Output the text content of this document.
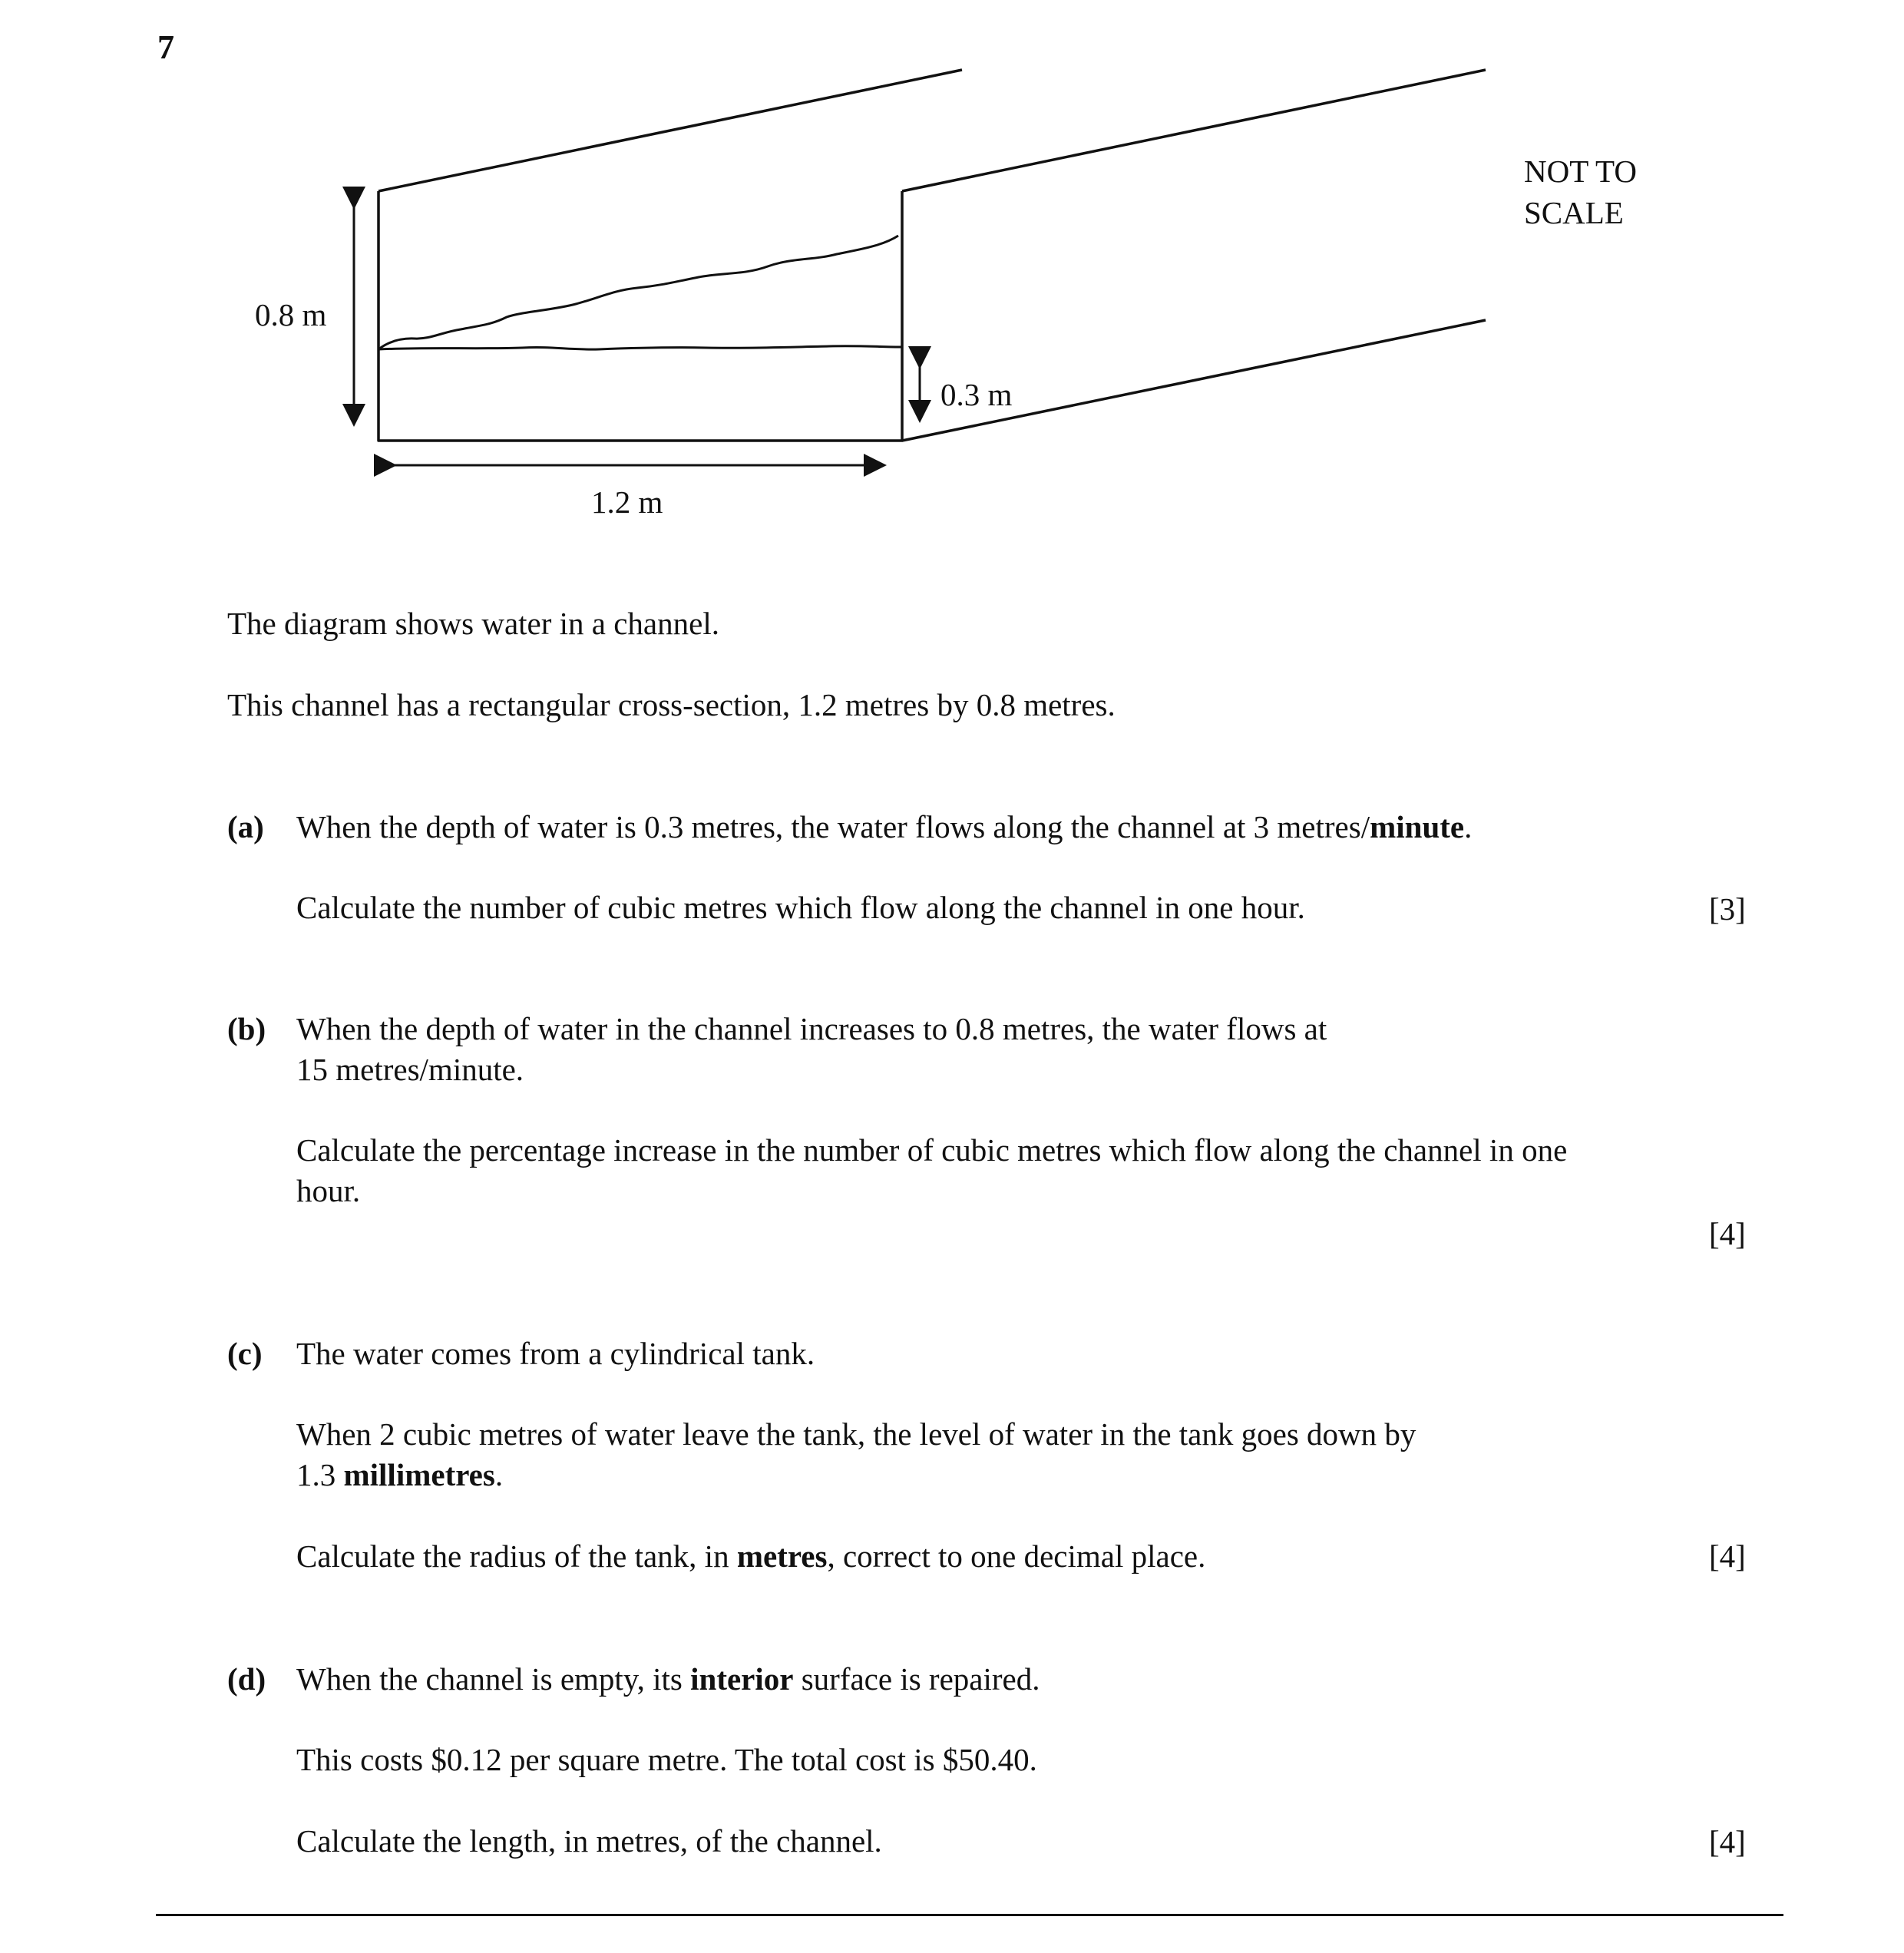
7
0.8 m
0.3 m
1.2 m
NOT TO
SCALE
The diagram shows water in a channel.
This channel has a rectangular cross-section, 1.2 metres by 0.8 metres.
(a) When the depth of water is 0.3 metres, the water flows along the channel at 3 metres/minute.
Calculate the number of cubic metres which flow along the channel in one hour.	[3]
(b) When the depth of water in the channel increases to 0.8 metres, the water flows at
15 metres/minute.
Calculate the percentage increase in the number of cubic metres which flow along the channel in one
hour.
[4]
(c) The water comes from a cylindrical tank.
When 2 cubic metres of water leave the tank, the level of water in the tank goes down by
1.3 millimetres.
Calculate the radius of the tank, in metres, correct to one decimal place.	[4]
(d) When the channel is empty, its interior surface is repaired.
This costs $0.12 per square metre. The total cost is $50.40.
Calculate the length, in metres, of the channel.	[4]
